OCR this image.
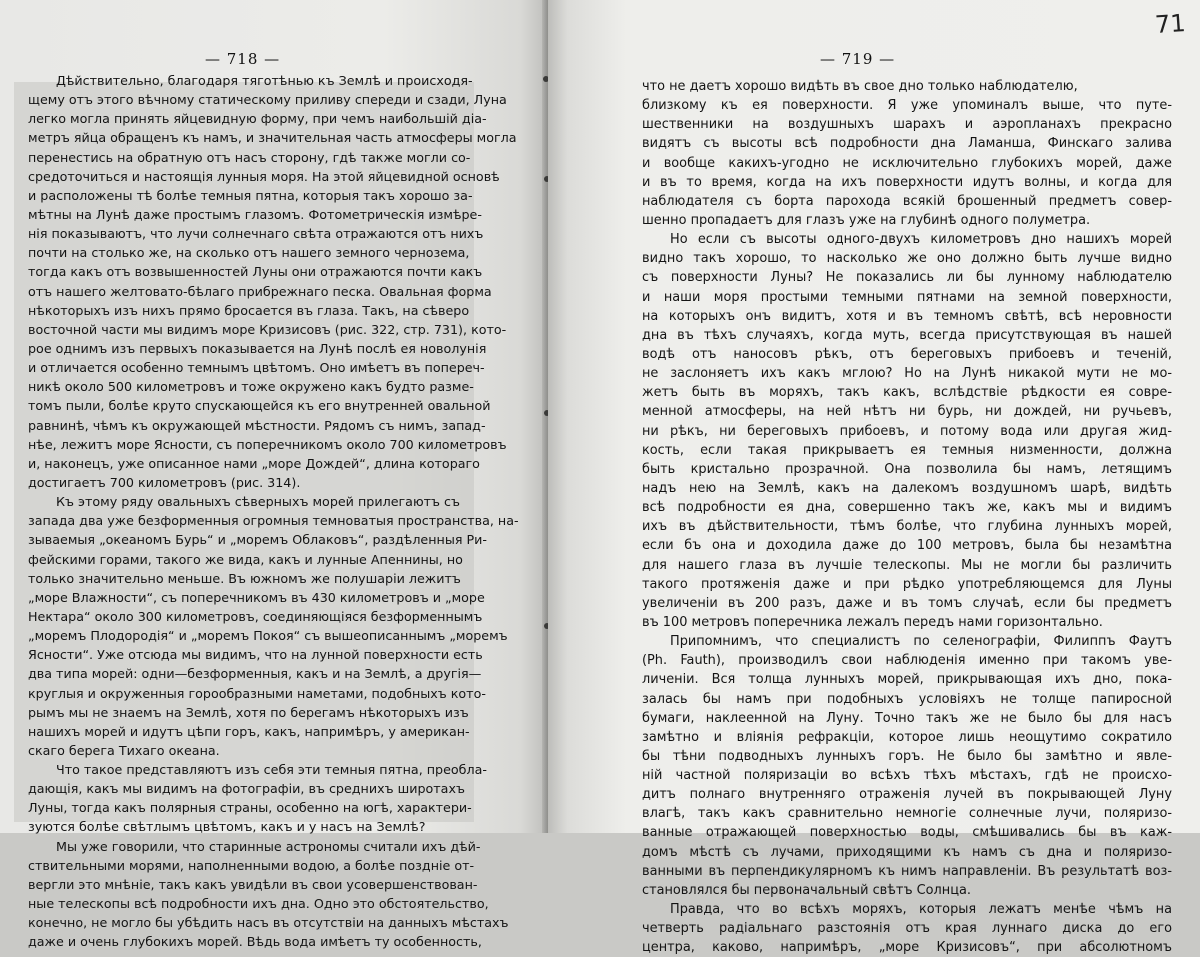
— 718 —
Дѣйствительно, благодаря тяготѣнью къ Землѣ и происходя-
щему отъ этого вѣчному статическому приливу спереди и сзади, Луна
легко могла принять яйцевидную форму, при чемъ наибольшiй дiа-
метръ яйца обращенъ къ намъ, и значительная часть атмосферы могла
перенестись на обратную отъ насъ сторону, гдѣ также могли со-
средоточиться и настоящiя лунныя моря. На этой яйцевидной основѣ
и расположены тѣ болѣе темныя пятна, которыя такъ хорошо за-
мѣтны на Лунѣ даже простымъ глазомъ. Фотометрическiя измѣре-
нiя показываютъ, что лучи солнечнаго свѣта отражаются отъ нихъ
почти на столько же, на сколько отъ нашего земного чернозема,
тогда какъ отъ возвышенностей Луны они отражаются почти какъ
отъ нашего желтовато-бѣлаго прибрежнаго песка. Овальная форма
нѣкоторыхъ изъ нихъ прямо бросается въ глаза. Такъ, на сѣверо
восточной части мы видимъ море Кризисовъ (рис. 322, стр. 731), кото-
рое однимъ изъ первыхъ показывается на Лунѣ послѣ ея новолунiя
и отличается особенно темнымъ цвѣтомъ. Оно имѣетъ въ попереч-
никѣ около 500 километровъ и тоже окружено какъ будто разме-
томъ пыли, болѣе круто спускающейся къ его внутренней овальной
равнинѣ, чѣмъ къ окружающей мѣстности. Рядомъ съ нимъ, запад-
нѣе, лежитъ море Ясности, съ поперечникомъ около 700 километровъ
и, наконецъ, уже описанное нами „море Дождей“, длина котораго
достигаетъ 700 километровъ (рис. 314).
Къ этому ряду овальныхъ сѣверныхъ морей прилегаютъ съ
запада два уже безформенныя огромныя темноватыя пространства, на-
зываемыя „океаномъ Бурь“ и „моремъ Облаковъ“, раздѣленныя Ри-
фейскими горами, такого же вида, какъ и лунные Апеннины, но
только значительно меньше. Въ южномъ же полушарiи лежитъ
„море Влажности“, съ поперечникомъ въ 430 километровъ и „море
Нектара“ около 300 километровъ, соединяющiяся безформеннымъ
„моремъ Плодородiя“ и „моремъ Покоя“ съ вышеописаннымъ „моремъ
Ясности“. Уже отсюда мы видимъ, что на лунной поверхности есть
два типа морей: одни—безформенныя, какъ и на Землѣ, а другiя—
круглыя и окруженныя горообразными наметами, подобныхъ кото-
рымъ мы не знаемъ на Землѣ, хотя по берегамъ нѣкоторыхъ изъ
нашихъ морей и идутъ цѣпи горъ, какъ, напримѣръ, у американ-
скаго берега Тихаго океана.
Что такое представляютъ изъ себя эти темныя пятна, преобла-
дающiя, какъ мы видимъ на фотографiи, въ среднихъ широтахъ
Луны, тогда какъ полярныя страны, особенно на югѣ, характери-
зуются болѣе свѣтлымъ цвѣтомъ, какъ и у насъ на Землѣ?
Мы уже говорили, что старинные астрономы считали ихъ дѣй-
ствительными морями, наполненными водою, а болѣе позднiе от-
вергли это мнѣнiе, такъ какъ увидѣли въ свои усовершенствован-
ные телескопы всѣ подробности ихъ дна. Одно это обстоятельство,
конечно, не могло бы убѣдить насъ въ отсутствiи на данныхъ мѣстахъ
даже и очень глубокихъ морей. Вѣдь вода имѣетъ ту особенность,
— 719 —
71
что не даетъ хорошо видѣть въ свое дно только наблюдателю,
близкому къ ея поверхности. Я уже упоминалъ выше, что путе-
шественники на воздушныхъ шарахъ и аэропланахъ прекрасно
видятъ съ высоты всѣ подробности дна Ламанша, Финскаго залива
и вообще какихъ-угодно не исключительно глубокихъ морей, даже
и въ то время, когда на ихъ поверхности идутъ волны, и когда для
наблюдателя съ борта парохода всякiй брошенный предметъ совер-
шенно пропадаетъ для глазъ уже на глубинѣ одного полуметра.
Но если съ высоты одного-двухъ километровъ дно нашихъ морей
видно такъ хорошо, то насколько же оно должно быть лучше видно
съ поверхности Луны? Не показались ли бы лунному наблюдателю
и наши моря простыми темными пятнами на земной поверхности,
на которыхъ онъ видитъ, хотя и въ темномъ свѣтѣ, всѣ неровности
дна въ тѣхъ случаяхъ, когда муть, всегда присутствующая въ нашей
водѣ отъ наносовъ рѣкъ, отъ береговыхъ прибоевъ и теченiй,
не заслоняетъ ихъ какъ мглою? Но на Лунѣ никакой мути не мо-
жетъ быть въ моряхъ, такъ какъ, вслѣдствiе рѣдкости ея совре-
менной атмосферы, на ней нѣтъ ни бурь, ни дождей, ни ручьевъ,
ни рѣкъ, ни береговыхъ прибоевъ, и потому вода или другая жид-
кость, если такая прикрываетъ ея темныя низменности, должна
быть кристально прозрачной. Она позволила бы намъ, летящимъ
надъ нею на Землѣ, какъ на далекомъ воздушномъ шарѣ, видѣть
всѣ подробности ея дна, совершенно такъ же, какъ мы и видимъ
ихъ въ дѣйствительности, тѣмъ болѣе, что глубина лунныхъ морей,
если бъ она и доходила даже до 100 метровъ, была бы незамѣтна
для нашего глаза въ лучшiе телескопы. Мы не могли бы различить
такого протяженiя даже и при рѣдко употребляющемся для Луны
увеличенiи въ 200 разъ, даже и въ томъ случаѣ, если бы предметъ
въ 100 метровъ поперечника лежалъ передъ нами горизонтально.
Припомнимъ, что специалистъ по селенографiи, Филиппъ Фаутъ
(Ph. Fauth), производилъ свои наблюденiя именно при такомъ уве-
личенiи. Вся толща лунныхъ морей, прикрывающая ихъ дно, пока-
залась бы намъ при подобныхъ условiяхъ не толще папиросной
бумаги, наклеенной на Луну. Точно такъ же не было бы для насъ
замѣтно и влiянiя рефракцiи, которое лишь неощутимо сократило
бы тѣни подводныхъ лунныхъ горъ. Не было бы замѣтно и явле-
нiй частной поляризацiи во всѣхъ тѣхъ мѣстахъ, гдѣ не происхо-
дитъ полнаго внутренняго отраженiя лучей въ покрывающей Луну
влагѣ, такъ какъ сравнительно немногiе солнечные лучи, поляризо-
ванные отражающей поверхностью воды, смѣшивались бы въ каж-
домъ мѣстѣ съ лучами, приходящими къ намъ съ дна и поляризо-
ванными въ перпендикулярномъ къ нимъ направленiи. Въ результатѣ воз-
становлялся бы первоначальный свѣтъ Солнца.
Правда, что во всѣхъ моряхъ, которыя лежатъ менѣе чѣмъ на
четверть радiальнаго разстоянiя отъ края луннаго диска до его
центра, каково, напримѣръ, „море Кризисовъ“, при абсолютномъ
